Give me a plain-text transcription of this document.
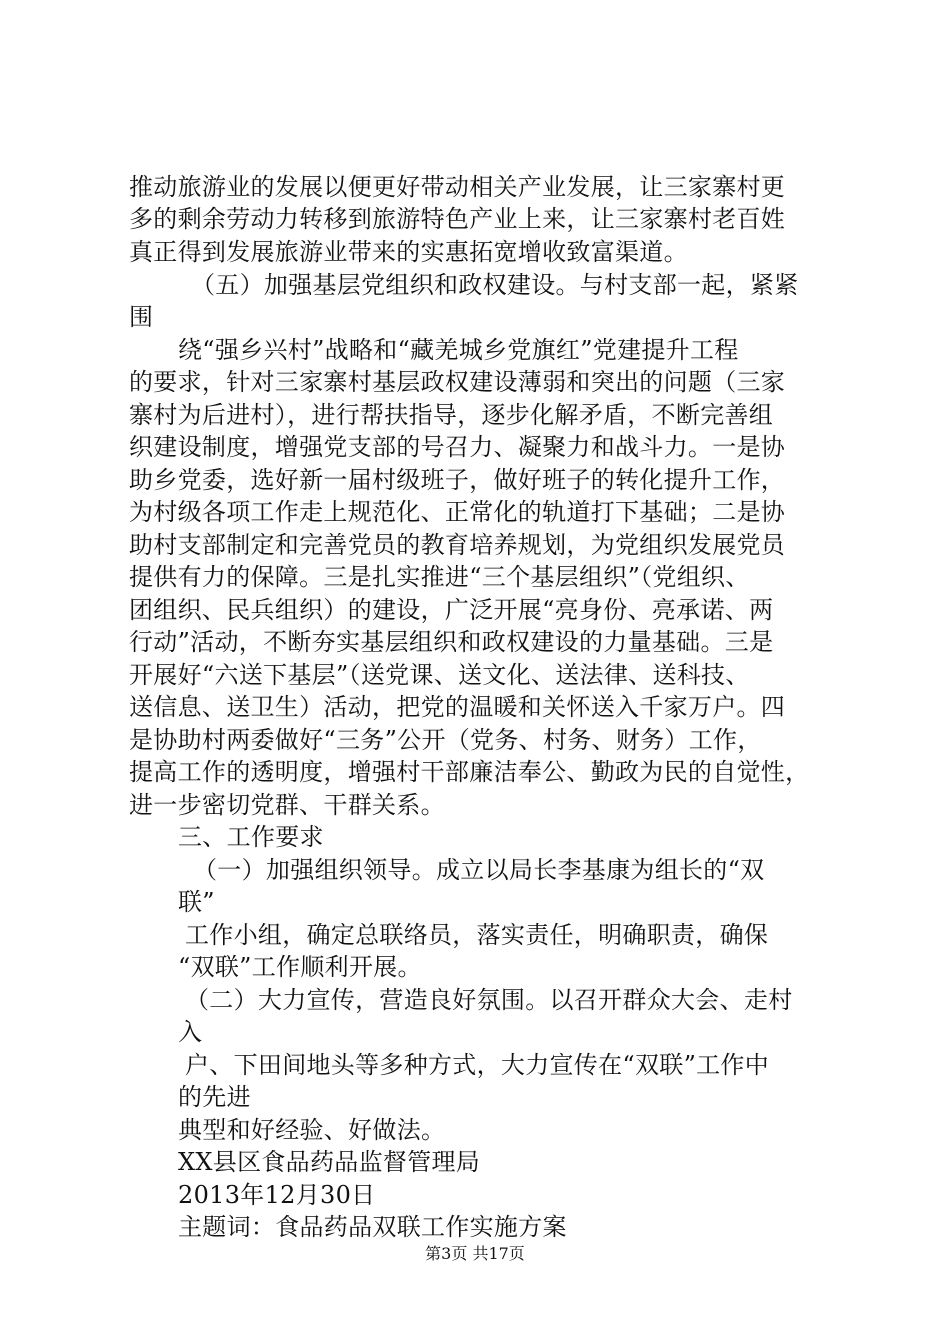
推动旅游业的发展以便更好带动相关产业发展，让三家寨村更
多的剩余劳动力转移到旅游特色产业上来，让三家寨村老百姓
真正得到发展旅游业带来的实惠拓宽增收致富渠道。
（五）加强基层党组织和政权建设。与村支部一起，紧紧
围
绕“强乡兴村”战略和“藏羌城乡党旗红”党建提升工程
的要求，针对三家寨村基层政权建设薄弱和突出的问题（三家
寨村为后进村），进行帮扶指导，逐步化解矛盾，不断完善组
织建设制度，增强党支部的号召力、凝聚力和战斗力。一是协
助乡党委，选好新一届村级班子，做好班子的转化提升工作，
为村级各项工作走上规范化、正常化的轨道打下基础；二是协
助村支部制定和完善党员的教育培养规划，为党组织发展党员
提供有力的保障。三是扎实推进“三个基层组织”（党组织、
团组织、民兵组织）的建设，广泛开展“亮身份、亮承诺、两
行动”活动，不断夯实基层组织和政权建设的力量基础。三是
开展好“六送下基层”（送党课、送文化、送法律、送科技、
送信息、送卫生）活动，把党的温暖和关怀送入千家万户。四
是协助村两委做好“三务”公开（党务、村务、财务）工作，
提高工作的透明度，增强村干部廉洁奉公、勤政为民的自觉性，
进一步密切党群、干群关系。
三、工作要求
（一）加强组织领导。成立以局长李基康为组长的“双
联”
工作小组，确定总联络员，落实责任，明确职责，确保
“双联”工作顺利开展。
（二）大力宣传，营造良好氛围。以召开群众大会、走村
入
户、下田间地头等多种方式，大力宣传在“双联”工作中
的先进
典型和好经验、好做法。
XX县区食品药品监督管理局
2013年12月30日
主题词：食品药品双联工作实施方案
第3页 共17页
